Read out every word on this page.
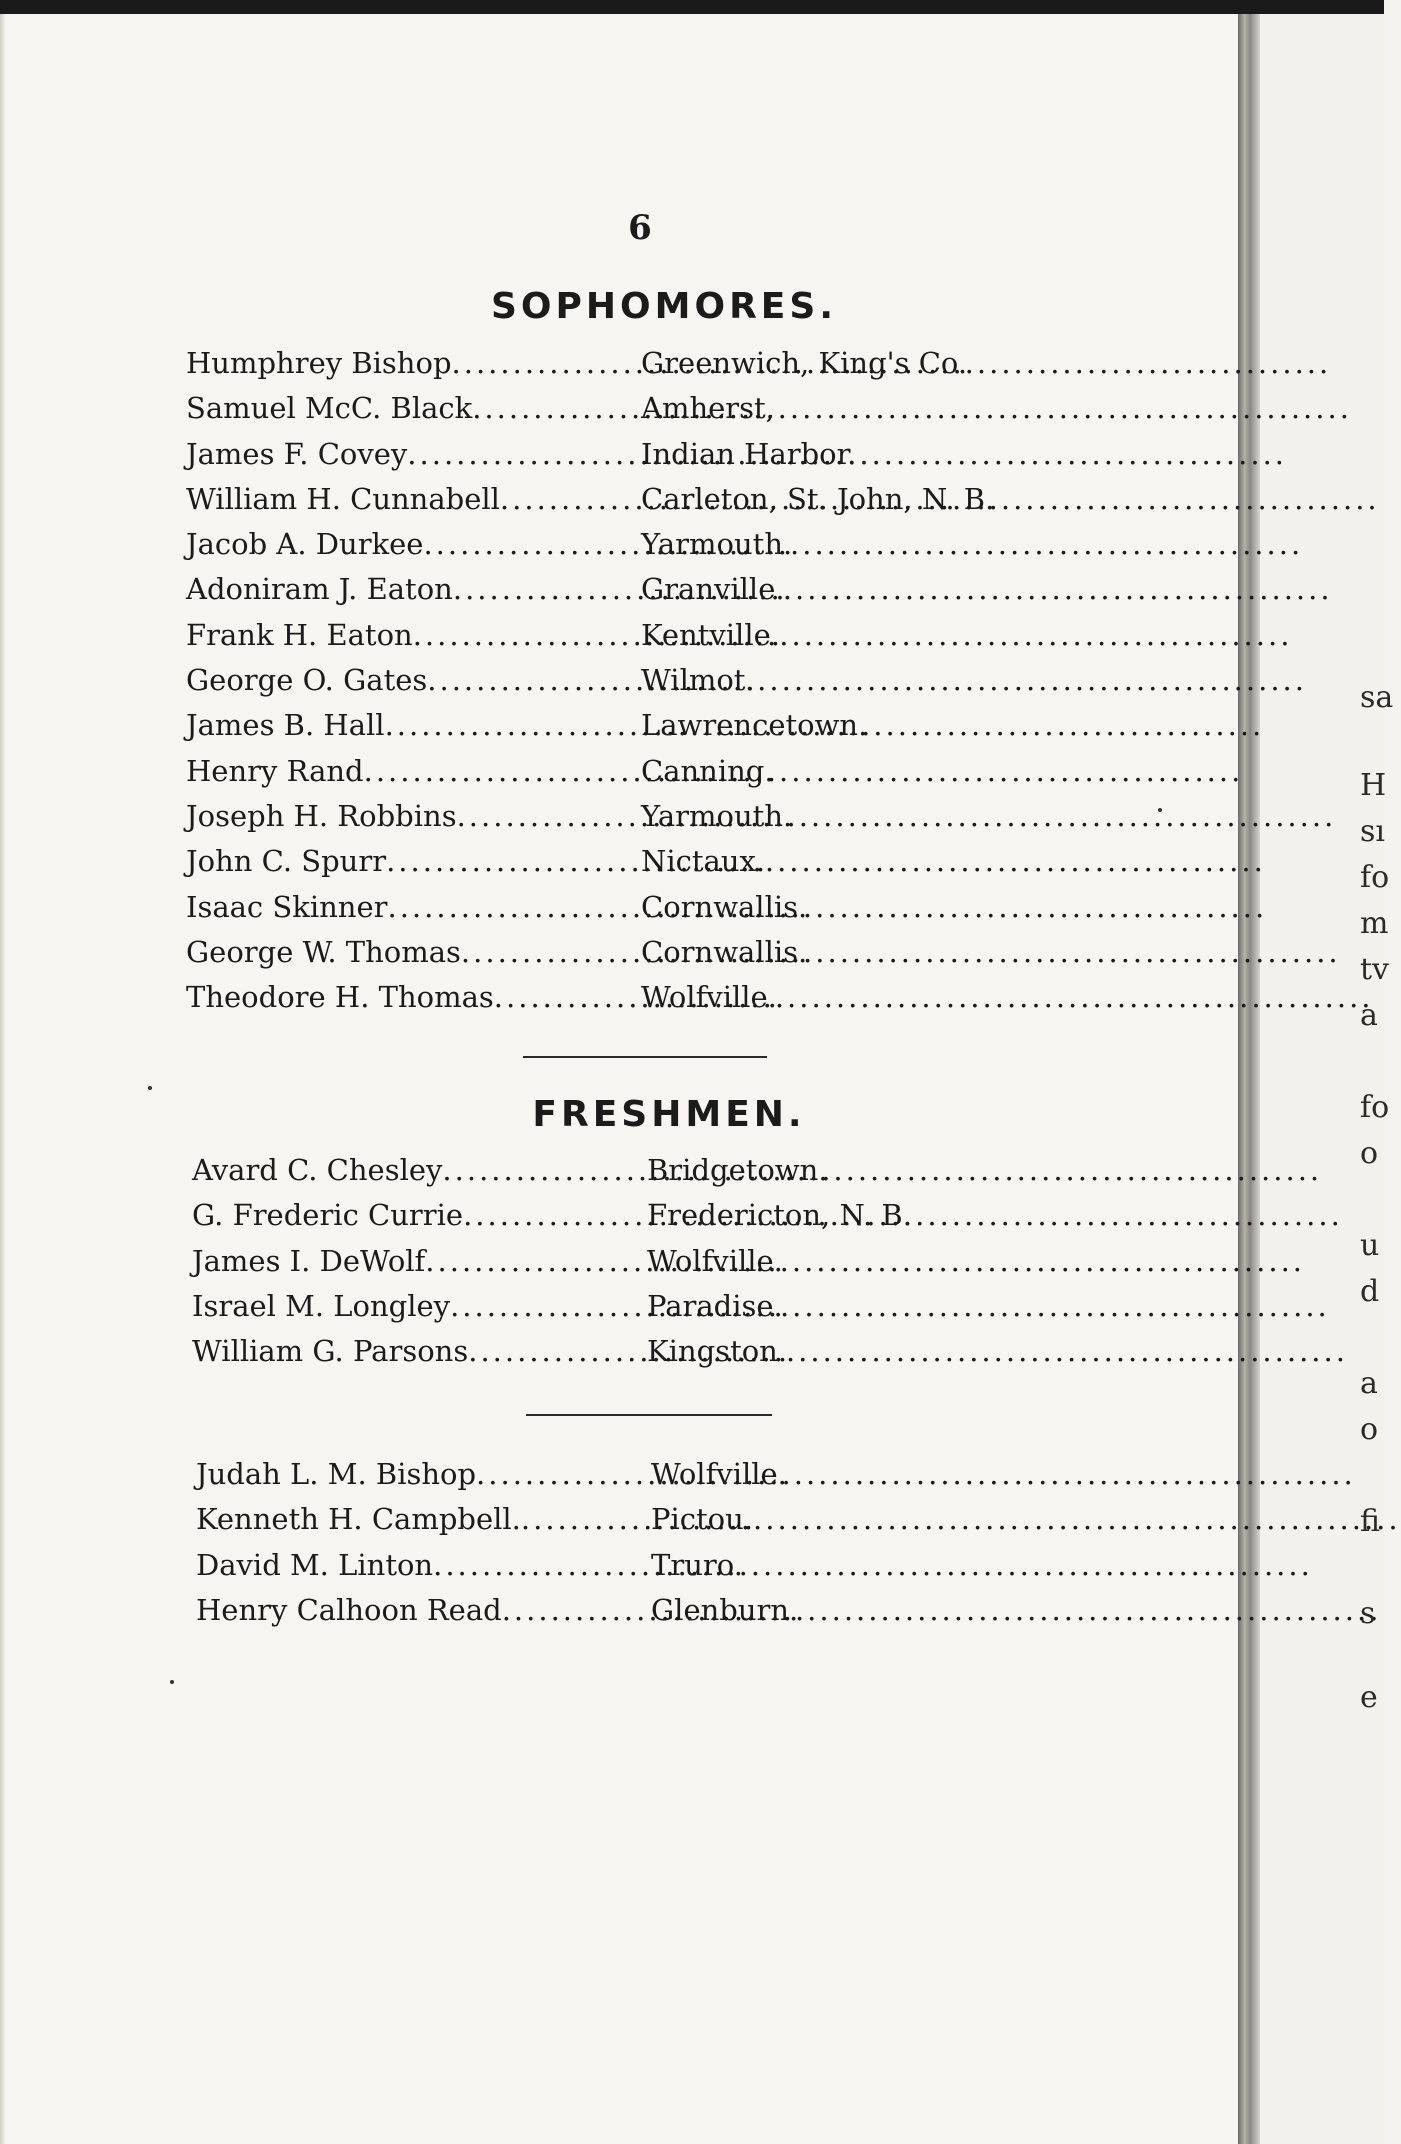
6
SOPHOMORES.
Humphrey Bishop .....	Greenwich, King's Co.
Samuel McC. Black .....	Amherst,
James F. Covey .....	Indian Harbor.
William H. Cunnabell .....	Carleton, St. John, N. B.
Jacob A. Durkee .....	Yarmouth.
Adoniram J. Eaton .....	Granville.
Frank H. Eaton .....	Kentville.
George O. Gates .....	Wilmot.
James B. Hall .....	Lawrencetown.
Henry Rand .....	Canning.
Joseph H. Robbins .....	Yarmouth.
John C. Spurr .....	Nictaux.
Isaac Skinner .....	Cornwallis.
George W. Thomas .....	Cornwallis.
Theodore H. Thomas .....	Wolfville.
FRESHMEN.
Avard C. Chesley .....	Bridgetown.
G. Frederic Currie .....	Fredericton, N. B.
James I. DeWolf .....	Wolfville.
Israel M. Longley .....	Paradise.
William G. Parsons .....	Kingston.
Judah L. M. Bishop .....	Wolfville.
Kenneth H. Campbell. .....	Pictou.
David M. Linton .....	Truro.
Henry Calhoon Read .....	Glenburn.
sa
H
sı
fo
m
tv
a
fo
o
u
d
a
o
fi
s
e
